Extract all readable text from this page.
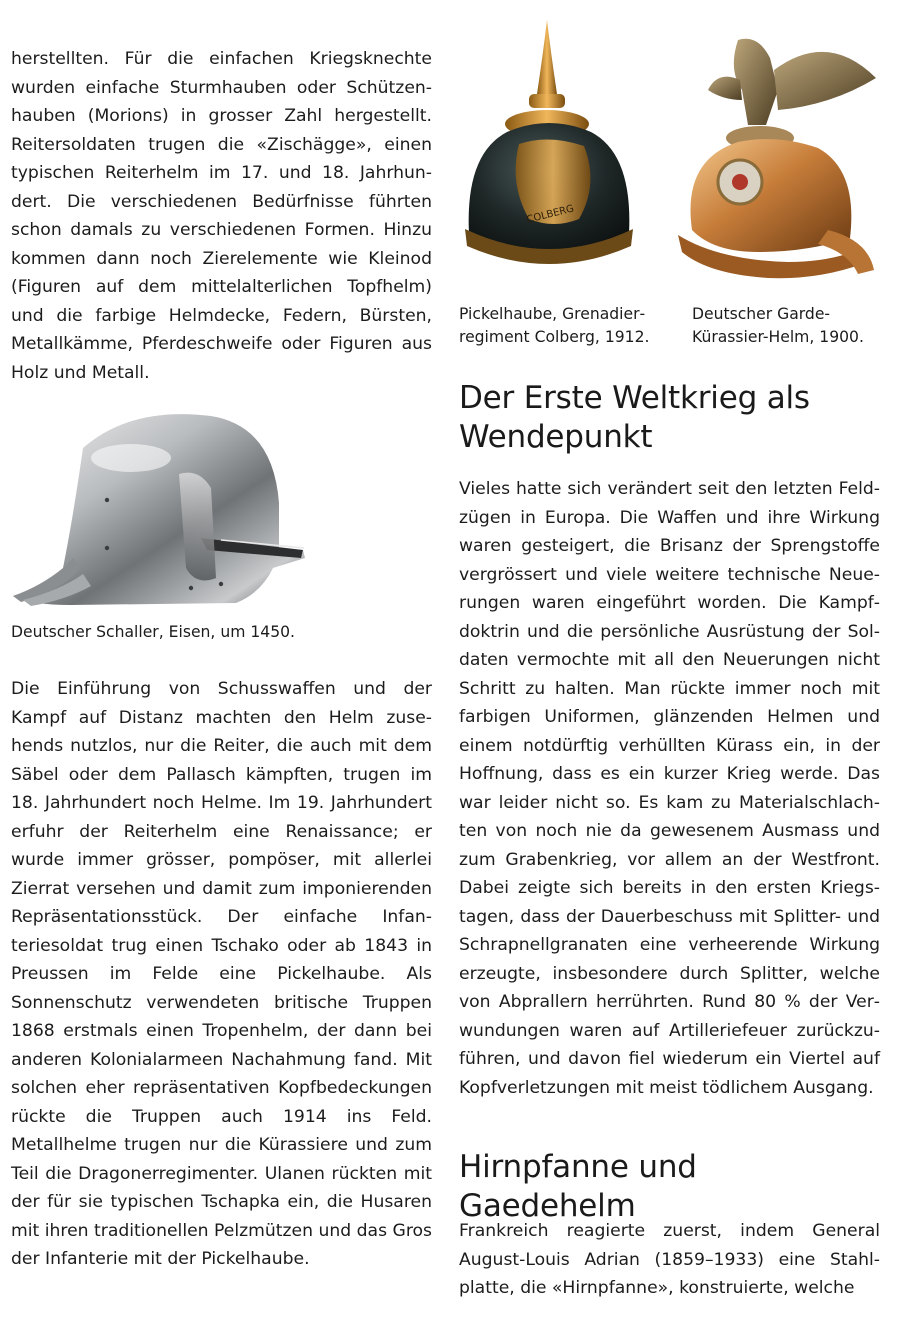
herstellten. Für die einfachen Kriegsknechte wurden einfache Sturmhauben oder Schützenhauben (Morions) in grosser Zahl hergestellt. Reitersoldaten trugen die «Zischägge», einen typischen Reiterhelm im 17. und 18. Jahrhundert. Die verschiedenen Bedürfnisse führten schon damals zu verschiedenen Formen. Hinzu kommen dann noch Zierelemente wie Kleinod (Figuren auf dem mittelalterlichen Topfhelm) und die farbige Helmdecke, Federn, Bürsten, Metallkämme, Pferdeschweife oder Figuren aus Holz und Metall.

Deutscher Schaller, Eisen, um 1450.

Die Einführung von Schusswaffen und der Kampf auf Distanz machten den Helm zusehends nutzlos, nur die Reiter, die auch mit dem Säbel oder dem Pallasch kämpften, trugen im 18. Jahrhundert noch Helme. Im 19. Jahrhundert erfuhr der Reiterhelm eine Renaissance; er wurde immer grösser, pompöser, mit allerlei Zierrat versehen und damit zum imponierenden Repräsentationsstück. Der einfache Infanteriesoldat trug einen Tschako oder ab 1843 in Preussen im Felde eine Pickelhaube. Als Sonnenschutz verwendeten britische Truppen 1868 erstmals einen Tropenhelm, der dann bei anderen Kolonialarmeen Nachahmung fand. Mit solchen eher repräsentativen Kopfbedeckungen rückte die Truppen auch 1914 ins Feld. Metallhelme trugen nur die Kürassiere und zum Teil die Dragonerregimenter. Ulanen rückten mit der für sie typischen Tschapka ein, die Husaren mit ihren traditionellen Pelzmützen und das Gros der Infanterie mit der Pickelhaube.

COLBERG

Pickelhaube, Grenadierregiment Colberg, 1912.

Deutscher Garde-Kürassier-Helm, 1900.

Der Erste Weltkrieg als Wendepunkt

Vieles hatte sich verändert seit den letzten Feldzügen in Europa. Die Waffen und ihre Wirkung waren gesteigert, die Brisanz der Sprengstoffe vergrössert und viele weitere technische Neuerungen waren eingeführt worden. Die Kampfdoktrin und die persönliche Ausrüstung der Soldaten vermochte mit all den Neuerungen nicht Schritt zu halten. Man rückte immer noch mit farbigen Uniformen, glänzenden Helmen und einem notdürftig verhüllten Kürass ein, in der Hoffnung, dass es ein kurzer Krieg werde. Das war leider nicht so. Es kam zu Materialschlachten von noch nie da gewesenem Ausmass und zum Grabenkrieg, vor allem an der Westfront. Dabei zeigte sich bereits in den ersten Kriegstagen, dass der Dauerbeschuss mit Splitter- und Schrapnellgranaten eine verheerende Wirkung erzeugte, insbesondere durch Splitter, welche von Abprallern herrührten. Rund 80 % der Verwundungen waren auf Artilleriefeuer zurückzuführen, und davon fiel wiederum ein Viertel auf Kopfverletzungen mit meist tödlichem Ausgang.

Hirnpfanne und Gaedehelm

Frankreich reagierte zuerst, indem General August-Louis Adrian (1859–1933) eine Stahlplatte, die «Hirnpfanne», konstruierte, welche
